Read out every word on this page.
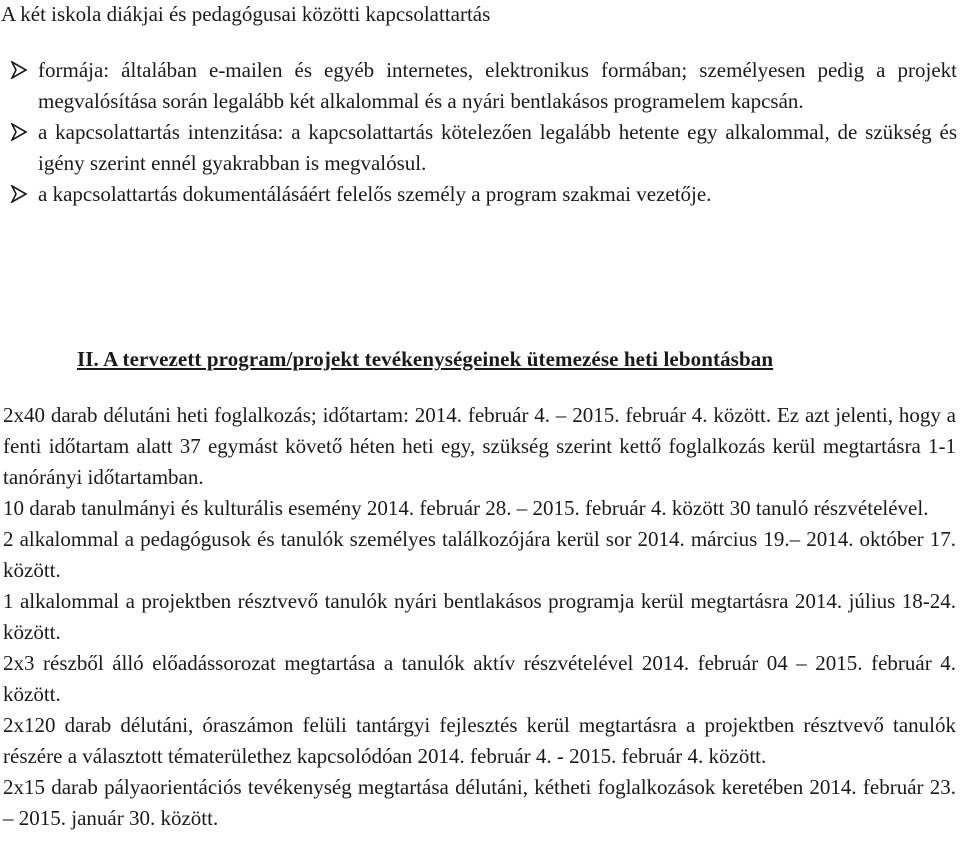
A két iskola diákjai és pedagógusai közötti kapcsolattartás
formája: általában e-mailen és egyéb internetes, elektronikus formában; személyesen pedig a projekt megvalósítása során legalább két alkalommal és a nyári bentlakásos programelem kapcsán.
a kapcsolattartás intenzitása: a kapcsolattartás kötelezően legalább hetente egy alkalommal, de szükség és igény szerint ennél gyakrabban is megvalósul.
a kapcsolattartás dokumentálásáért felelős személy a program szakmai vezetője.
II. A tervezett program/projekt tevékenységeinek ütemezése heti lebontásban

2x40 darab délutáni heti foglalkozás; időtartam: 2014. február 4. – 2015. február 4. között. Ez azt jelenti, hogy a fenti időtartam alatt 37 egymást követő héten heti egy, szükség szerint kettő foglalkozás kerül megtartásra 1-1 tanórányi időtartamban.

10 darab tanulmányi és kulturális esemény 2014. február 28. – 2015. február 4. között 30 tanuló részvételével.

2 alkalommal a pedagógusok és tanulók személyes találkozójára kerül sor 2014. március 19.– 2014. október 17. között.

1 alkalommal a projektben résztvevő tanulók nyári bentlakásos programja kerül megtartásra 2014. július 18-24. között.

2x3 részből álló előadássorozat megtartása a tanulók aktív részvételével 2014. február 04 – 2015. február 4. között.

2x120 darab délutáni, óraszámon felüli tantárgyi fejlesztés kerül megtartásra a projektben résztvevő tanulók részére a választott tématerülethez kapcsolódóan 2014. február 4. - 2015. február 4. között.

2x15 darab pályaorientációs tevékenység megtartása délutáni, kétheti foglalkozások keretében 2014. február 23. – 2015. január 30. között.
